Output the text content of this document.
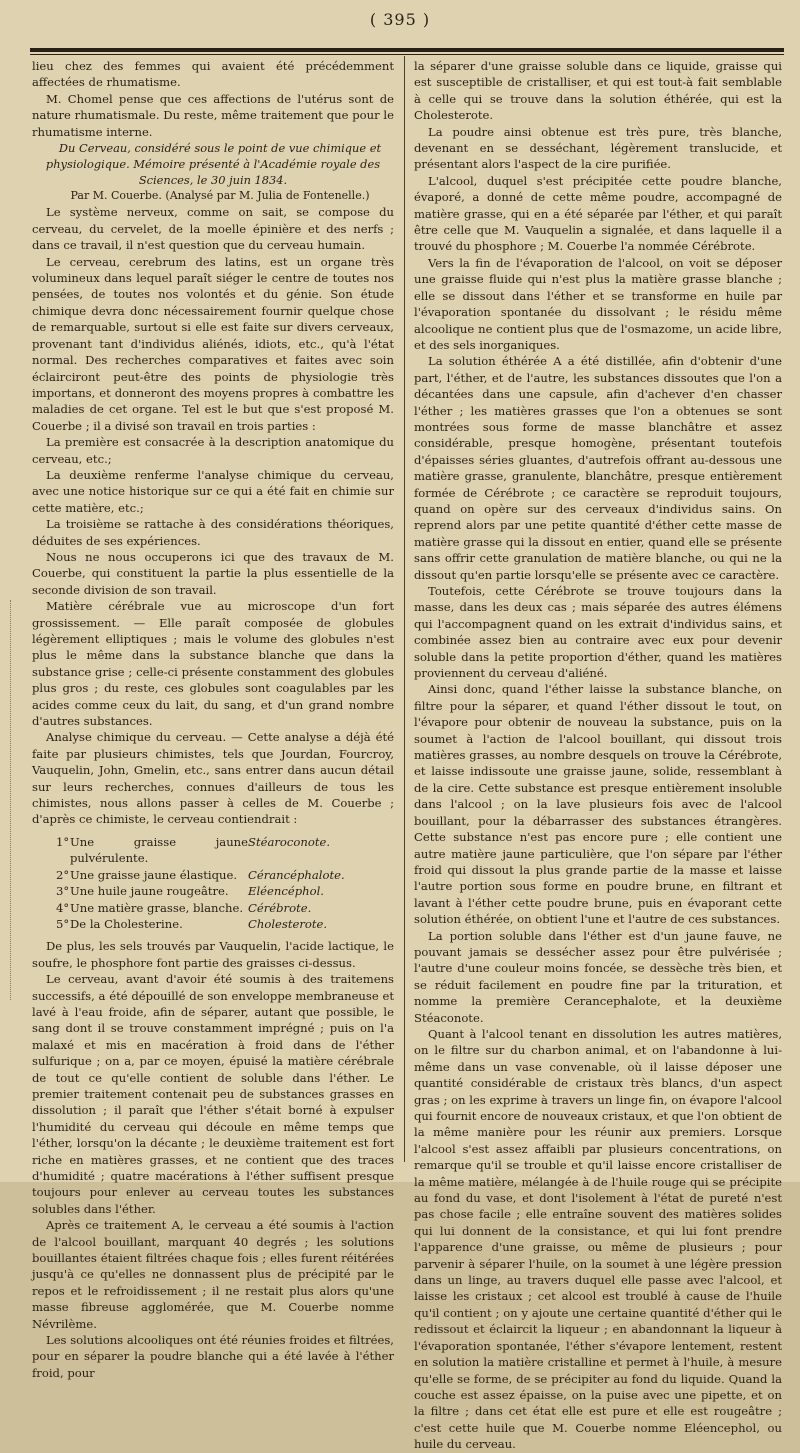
( 395 )

lieu chez des femmes qui avaient été précédemment affectées de rhumatisme.

M. Chomel pense que ces affections de l'utérus sont de nature rhumatismale. Du reste, même traitement que pour le rhumatisme interne.

Du Cerveau, considéré sous le point de vue chimique et physiologique. Mémoire présenté à l'Académie royale des Sciences, le 30 juin 1834.

Par M. Couerbe. (Analysé par M. Julia de Fontenelle.)

Le système nerveux, comme on sait, se compose du cerveau, du cervelet, de la moelle épinière et des nerfs ; dans ce travail, il n'est question que du cerveau humain.

Le cerveau, cerebrum des latins, est un organe très volumineux dans lequel paraît siéger le centre de toutes nos pensées, de toutes nos volontés et du génie. Son étude chimique devra donc nécessairement fournir quelque chose de remarquable, surtout si elle est faite sur divers cerveaux, provenant tant d'individus aliénés, idiots, etc., qu'à l'état normal. Des recherches comparatives et faites avec soin éclairciront peut-être des points de physiologie très importans, et donneront des moyens propres à combattre les maladies de cet organe. Tel est le but que s'est proposé M. Couerbe ; il a divisé son travail en trois parties :

La première est consacrée à la description anatomique du cerveau, etc.;

La deuxième renferme l'analyse chimique du cerveau, avec une notice historique sur ce qui a été fait en chimie sur cette matière, etc.;

La troisième se rattache à des considérations théoriques, déduites de ses expériences.

Nous ne nous occuperons ici que des travaux de M. Couerbe, qui constituent la partie la plus essentielle de la seconde division de son travail.

Matière cérébrale vue au microscope d'un fort grossissement. — Elle paraît composée de globules légèrement elliptiques ; mais le volume des globules n'est plus le même dans la substance blanche que dans la substance grise ; celle-ci présente constamment des globules plus gros ; du reste, ces globules sont coagulables par les acides comme ceux du lait, du sang, et d'un grand nombre d'autres substances.

Analyse chimique du cerveau. — Cette analyse a déjà été faite par plusieurs chimistes, tels que Jourdan, Fourcroy, Vauquelin, John, Gmelin, etc., sans entrer dans aucun détail sur leurs recherches, connues d'ailleurs de tous les chimistes, nous allons passer à celles de M. Couerbe ; d'après ce chimiste, le cerveau contiendrait :

1° Une graisse jaune pulvérulente.
Stéaroconote.
2° Une graisse jaune élastique. Cérancéphalote.
3° Une huile jaune rougeâtre.	Eléencéphol.
4° Une matière grasse, blanche. Cérébrote.
5° De la Cholesterine.	Cholesterote.

De plus, les sels trouvés par Vauquelin, l'acide lactique, le soufre, le phosphore font partie des graisses ci-dessus.

Le cerveau, avant d'avoir été soumis à des traitemens successifs, a été dépouillé de son enveloppe membraneuse et lavé à l'eau froide, afin de séparer, autant que possible, le sang dont il se trouve constamment imprégné ; puis on l'a malaxé et mis en macération à froid dans de l'éther sulfurique ; on a, par ce moyen, épuisé la matière cérébrale de tout ce qu'elle contient de soluble dans l'éther. Le premier traitement contenait peu de substances grasses en dissolution ; il paraît que l'éther s'était borné à expulser l'humidité du cerveau qui découle en même temps que l'éther, lorsqu'on la décante ; le deuxième traitement est fort riche en matières grasses, et ne contient que des traces d'humidité ; quatre macérations à l'éther suffisent presque toujours pour enlever au cerveau toutes les substances solubles dans l'éther.

Après ce traitement A, le cerveau a été soumis à l'action de l'alcool bouillant, marquant 40 degrés ; les solutions bouillantes étaient filtrées chaque fois ; elles furent réitérées jusqu'à ce qu'elles ne donnassent plus de précipité par le repos et le refroidissement ; il ne restait plus alors qu'une masse fibreuse agglomérée, que M. Couerbe nomme Névrilème.

Les solutions alcooliques ont été réunies froides et filtrées, pour en séparer la poudre blanche qui a été lavée à l'éther froid, pour

la séparer d'une graisse soluble dans ce liquide, graisse qui est susceptible de cristalliser, et qui est tout-à fait semblable à celle qui se trouve dans la solution éthérée, qui est la Cholesterote.

La poudre ainsi obtenue est très pure, très blanche, devenant en se desséchant, légèrement translucide, et présentant alors l'aspect de la cire purifiée.

L'alcool, duquel s'est précipitée cette poudre blanche, évaporé, a donné de cette même poudre, accompagné de matière grasse, qui en a été séparée par l'éther, et qui paraît être celle que M. Vauquelin a signalée, et dans laquelle il a trouvé du phosphore ; M. Couerbe l'a nommée Cérébrote.

Vers la fin de l'évaporation de l'alcool, on voit se déposer une graisse fluide qui n'est plus la matière grasse blanche ; elle se dissout dans l'éther et se transforme en huile par l'évaporation spontanée du dissolvant ; le résidu même alcoolique ne contient plus que de l'osmazome, un acide libre, et des sels inorganiques.

La solution éthérée A a été distillée, afin d'obtenir d'une part, l'éther, et de l'autre, les substances dissoutes que l'on a décantées dans une capsule, afin d'achever d'en chasser l'éther ; les matières grasses que l'on a obtenues se sont montrées sous forme de masse blanchâtre et assez considérable, presque homogène, présentant toutefois d'épaisses séries gluantes, d'autrefois offrant au-dessous une matière grasse, granulente, blanchâtre, presque entièrement formée de Cérébrote ; ce caractère se reproduit toujours, quand on opère sur des cerveaux d'individus sains. On reprend alors par une petite quantité d'éther cette masse de matière grasse qui la dissout en entier, quand elle se présente sans offrir cette granulation de matière blanche, ou qui ne la dissout qu'en partie lorsqu'elle se présente avec ce caractère.

Toutefois, cette Cérébrote se trouve toujours dans la masse, dans les deux cas ; mais séparée des autres élémens qui l'accompagnent quand on les extrait d'individus sains, et combinée assez bien au contraire avec eux pour devenir soluble dans la petite proportion d'éther, quand les matières proviennent du cerveau d'aliéné.

Ainsi donc, quand l'éther laisse la substance blanche, on filtre pour la séparer, et quand l'éther dissout le tout, on l'évapore pour obtenir de nouveau la substance, puis on la soumet à l'action de l'alcool bouillant, qui dissout trois matières grasses, au nombre desquels on trouve la Cérébrote, et laisse indissoute une graisse jaune, solide, ressemblant à de la cire. Cette substance est presque entièrement insoluble dans l'alcool ; on la lave plusieurs fois avec de l'alcool bouillant, pour la débarrasser des substances étrangères. Cette substance n'est pas encore pure ; elle contient une autre matière jaune particulière, que l'on sépare par l'éther froid qui dissout la plus grande partie de la masse et laisse l'autre portion sous forme en poudre brune, en filtrant et lavant à l'éther cette poudre brune, puis en évaporant cette solution éthérée, on obtient l'une et l'autre de ces substances.

La portion soluble dans l'éther est d'un jaune fauve, ne pouvant jamais se dessécher assez pour être pulvérisée ; l'autre d'une couleur moins foncée, se dessèche très bien, et se réduit facilement en poudre fine par la trituration, et nomme la première Cerancephalote, et la deuxième Stéaconote.

Quant à l'alcool tenant en dissolution les autres matières, on le filtre sur du charbon animal, et on l'abandonne à lui-même dans un vase convenable, où il laisse déposer une quantité considérable de cristaux très blancs, d'un aspect gras ; on les exprime à travers un linge fin, on évapore l'alcool qui fournit encore de nouveaux cristaux, et que l'on obtient de la même manière pour les réunir aux premiers. Lorsque l'alcool s'est assez affaibli par plusieurs concentrations, on remarque qu'il se trouble et qu'il laisse encore cristalliser de la même matière, mélangée à de l'huile rouge qui se précipite au fond du vase, et dont l'isolement à l'état de pureté n'est pas chose facile ; elle entraîne souvent des matières solides qui lui donnent de la consistance, et qui lui font prendre l'apparence d'une graisse, ou même de plusieurs ; pour parvenir à séparer l'huile, on la soumet à une légère pression dans un linge, au travers duquel elle passe avec l'alcool, et laisse les cristaux ; cet alcool est troublé à cause de l'huile qu'il contient ; on y ajoute une certaine quantité d'éther qui le redissout et éclaircit la liqueur ; en abandonnant la liqueur à l'évaporation spontanée, l'éther s'évapore lentement, restent en solution la matière cristalline et permet à l'huile, à mesure qu'elle se forme, de se précipiter au fond du liquide. Quand la couche est assez épaisse, on la puise avec une pipette, et on la filtre ; dans cet état elle est pure et elle est rougeâtre ; c'est cette huile que M. Couerbe nomme Eléencephol, ou huile du cerveau.
